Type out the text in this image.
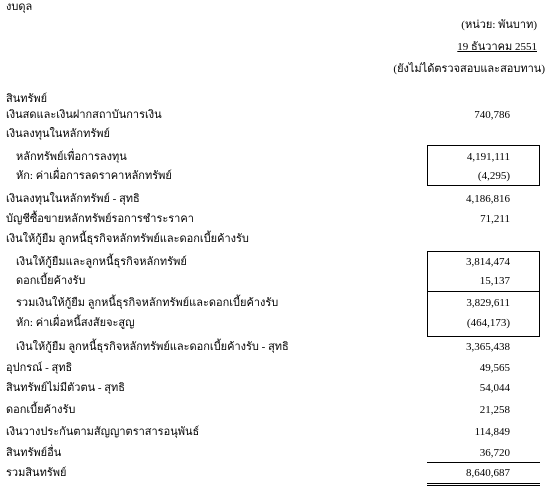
งบดุล
(หน่วย: พันบาท)
19 ธันวาคม 2551
(ยังไม่ได้ตรวจสอบและสอบทาน)
สินทรัพย์
เงินสดและเงินฝากสถาบันการเงิน	740,786
เงินลงทุนในหลักทรัพย์
หลักทรัพย์เพื่อการลงทุน	4,191,111
หัก: ค่าเผื่อการลดราคาหลักทรัพย์	(4,295)
เงินลงทุนในหลักทรัพย์ - สุทธิ	4,186,816
บัญชีซื้อขายหลักทรัพย์รอการชำระราคา	71,211
เงินให้กู้ยืม ลูกหนี้ธุรกิจหลักทรัพย์และดอกเบี้ยค้างรับ
เงินให้กู้ยืมและลูกหนี้ธุรกิจหลักทรัพย์	3,814,474
ดอกเบี้ยค้างรับ	15,137
รวมเงินให้กู้ยืม ลูกหนี้ธุรกิจหลักทรัพย์และดอกเบี้ยค้างรับ	3,829,611
หัก: ค่าเผื่อหนี้สงสัยจะสูญ	(464,173)
เงินให้กู้ยืม ลูกหนี้ธุรกิจหลักทรัพย์และดอกเบี้ยค้างรับ - สุทธิ	3,365,438
อุปกรณ์ - สุทธิ	49,565
สินทรัพย์ไม่มีตัวตน - สุทธิ	54,044
ดอกเบี้ยค้างรับ	21,258
เงินวางประกันตามสัญญาตราสารอนุพันธ์	114,849
สินทรัพย์อื่น	36,720
รวมสินทรัพย์	8,640,687
